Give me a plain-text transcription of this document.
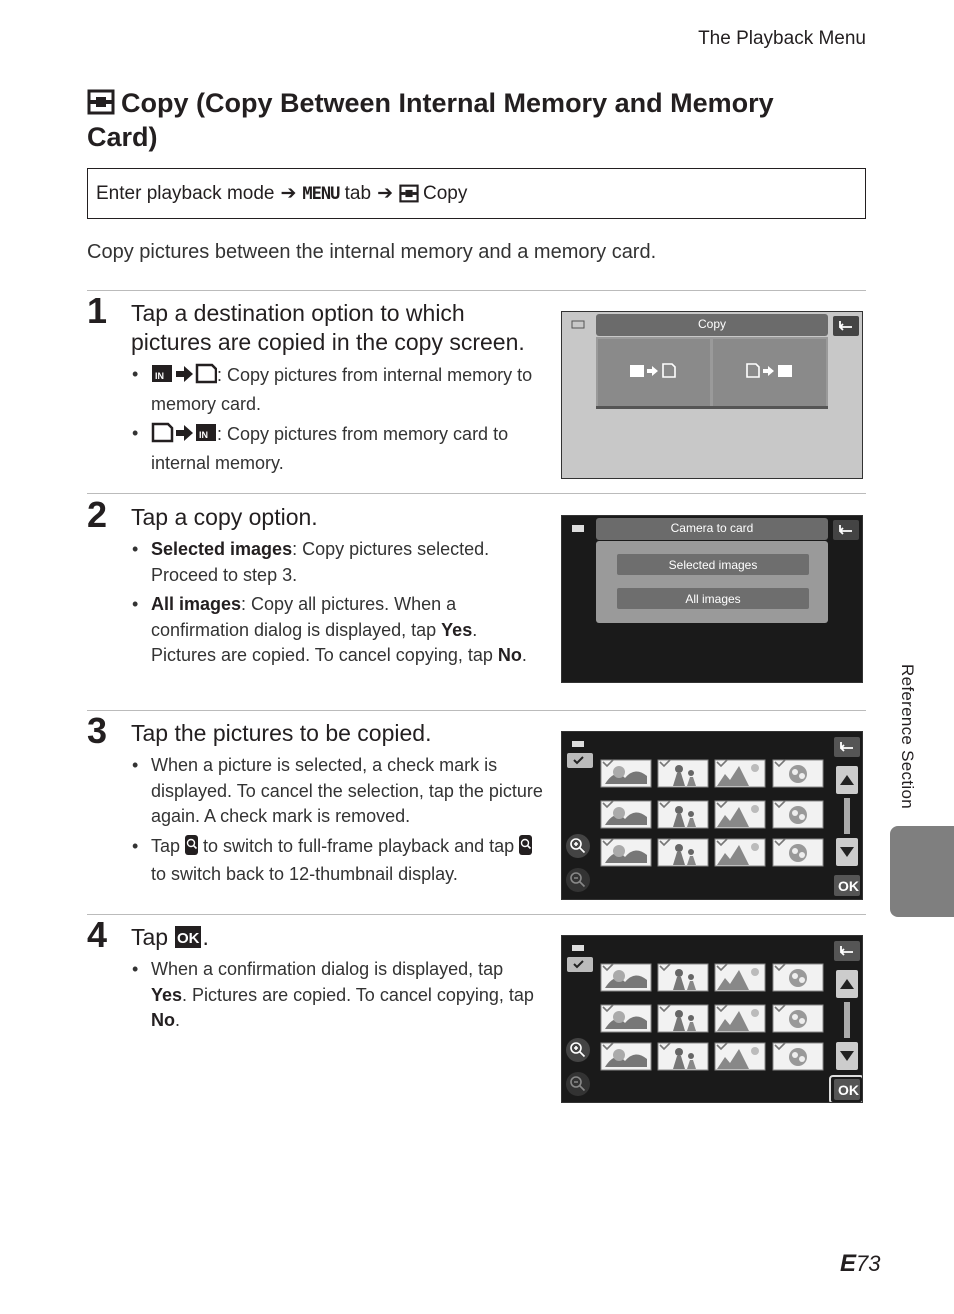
The Playback Menu
Copy (Copy Between Internal Memory and Memory Card)
Enter playback mode ➔ MENU
tab ➔ Copy
Copy pictures between the internal memory and a memory card.
1 Tap a destination option to which pictures are copied in the copy screen.
• IN	: Copy pictures from internal memory to memory card.
• IN : Copy pictures from memory card to internal memory.
Copy
2 Tap a copy option.
• Selected images: Copy pictures selected. Proceed to step 3.
• All images: Copy all pictures. When a confirmation dialog is displayed, tap Yes. Pictures are copied. To cancel copying, tap No.
Camera to card
Selected images
All images
3 Tap the pictures to be copied.
• When a picture is selected, a check mark is displayed. To cancel the selection, tap the picture again. A check mark is removed.
• Tap  to switch to full-frame playback and tap  to switch back to 12-thumbnail display.
OK
4 Tap OK .
• When a confirmation dialog is displayed, tap Yes. Pictures are copied. To cancel copying, tap No.
OK
Reference Section
E73
